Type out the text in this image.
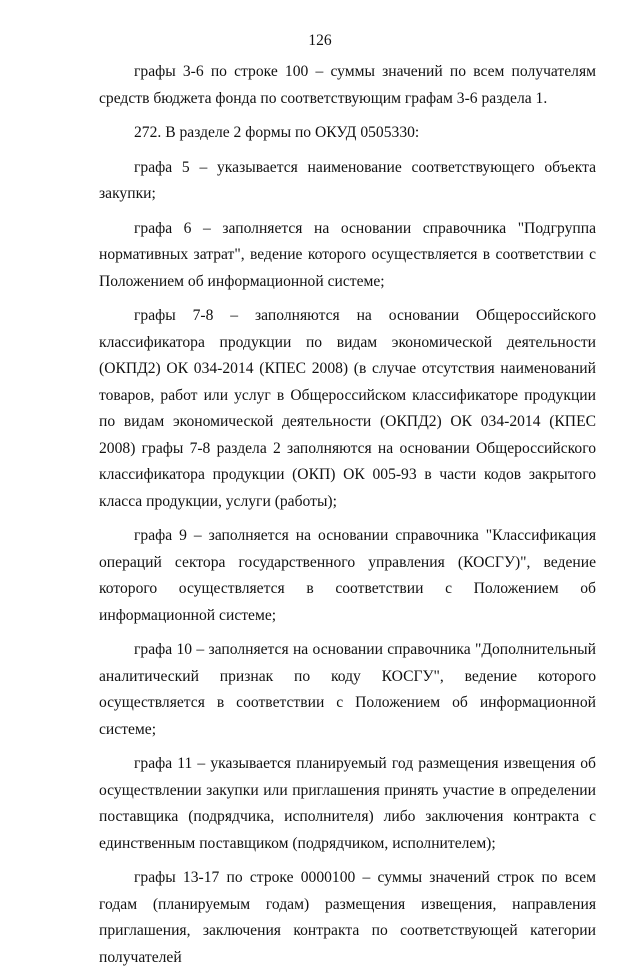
126

графы 3-6 по строке 100 – суммы значений по всем получателям средств бюджета фонда по соответствующим графам 3-6 раздела 1.

272. В разделе 2 формы по ОКУД 0505330:

графа 5 – указывается наименование соответствующего объекта закупки;

графа 6 – заполняется на основании справочника "Подгруппа нормативных затрат", ведение которого осуществляется в соответствии с Положением об информационной системе;

графы 7-8 – заполняются на основании Общероссийского классификатора продукции по видам экономической деятельности (ОКПД2) ОК 034-2014 (КПЕС 2008) (в случае отсутствия наименований товаров, работ или услуг в Общероссийском классификаторе продукции по видам экономической деятельности (ОКПД2) ОК 034-2014 (КПЕС 2008) графы 7-8 раздела 2 заполняются на основании Общероссийского классификатора продукции (ОКП) ОК 005-93 в части кодов закрытого класса продукции, услуги (работы);

графа 9 – заполняется на основании справочника "Классификация операций сектора государственного управления (КОСГУ)", ведение которого осуществляется в соответствии с Положением об информационной системе;

графа 10 – заполняется на основании справочника "Дополнительный аналитический признак по коду КОСГУ", ведение которого осуществляется в соответствии с Положением об информационной системе;

графа 11 – указывается планируемый год размещения извещения об осуществлении закупки или приглашения принять участие в определении поставщика (подрядчика, исполнителя) либо заключения контракта с единственным поставщиком (подрядчиком, исполнителем);

графы 13-17 по строке 0000100 – суммы значений строк по всем годам (планируемым годам) размещения извещения, направления приглашения, заключения контракта по соответствующей категории получателей
